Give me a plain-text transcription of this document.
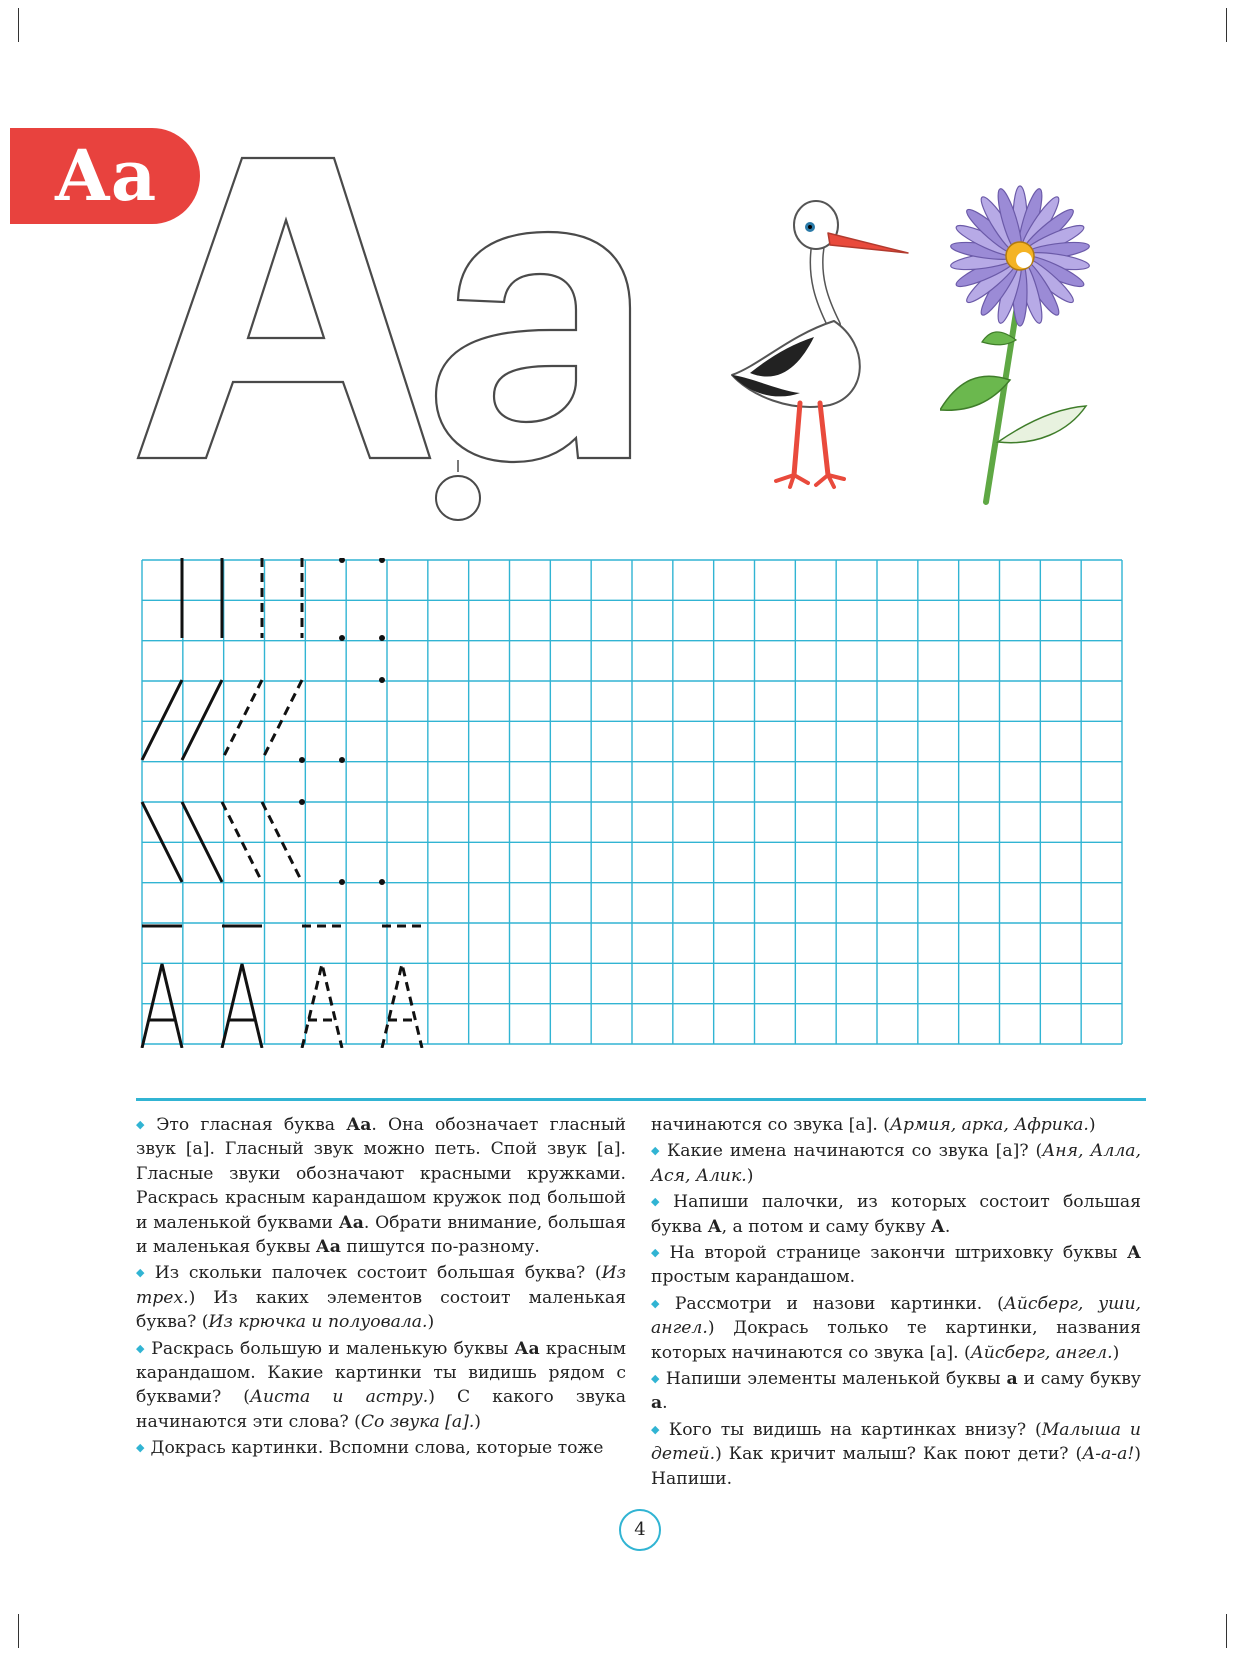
Аа

◆ Это гласная буква Аа. Она обозначает гласный звук [а]. Гласный звук можно петь. Спой звук [а]. Гласные звуки обозначают красными кружками. Раскрась красным карандашом кружок под большой и маленькой буквами Аа. Обрати внимание, большая и маленькая буквы Аа пишутся по-разному.

◆ Из скольки палочек состоит большая буква? (Из трех.) Из каких элементов состоит маленькая буква? (Из крючка и полуовала.)

◆ Раскрась большую и маленькую буквы Аа красным карандашом. Какие картинки ты видишь рядом с буквами? (Аиста и астру.) С какого звука начинаются эти слова? (Со звука [а].)

◆ Докрась картинки. Вспомни слова, которые тоже

начинаются со звука [а]. (Армия, арка, Африка.)

◆ Какие имена начинаются со звука [а]? (Аня, Алла, Ася, Алик.)

◆ Напиши палочки, из которых состоит большая буква А, а потом и саму букву А.

◆ На второй странице закончи штриховку буквы А простым карандашом.

◆ Рассмотри и назови картинки. (Айсберг, уши, ангел.) Докрась только те картинки, названия которых начинаются со звука [а]. (Айсберг, ангел.)

◆ Напиши элементы маленькой буквы а и саму букву а.

◆ Кого ты видишь на картинках внизу? (Малыша и детей.) Как кричит малыш? Как поют дети? (А-а-а!) Напиши.

4
